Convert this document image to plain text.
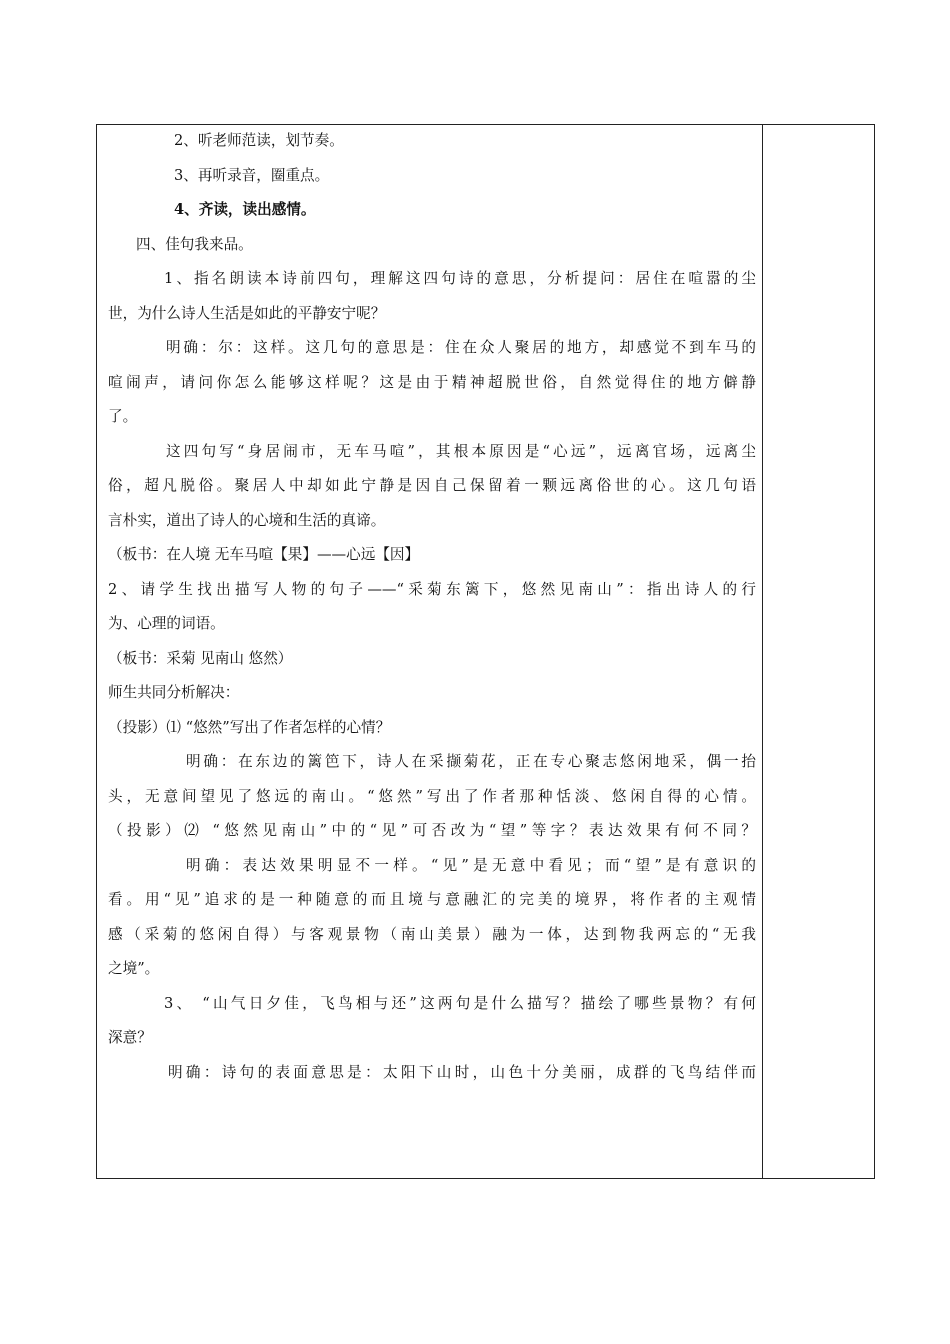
2、听老师范读，划节奏。
3、再听录音，圈重点。
4、齐读，读出感情。
四、佳句我来品。
1、指名朗读本诗前四句，理解这四句诗的意思，分析提问：居住在喧嚣的尘
世，为什么诗人生活是如此的平静安宁呢？
明确：尔：这样。这几句的意思是：住在众人聚居的地方，却感觉不到车马的
喧闹声，请问你怎么能够这样呢？这是由于精神超脱世俗，自然觉得住的地方僻静
了。
这四句写“身居闹市，无车马喧”，其根本原因是“心远”，远离官场，远离尘
俗，超凡脱俗。聚居人中却如此宁静是因自己保留着一颗远离俗世的心。这几句语
言朴实，道出了诗人的心境和生活的真谛。
（板书：在人境 无车马喧【果】——心远【因】
2、请学生找出描写人物的句子——“采菊东篱下，悠然见南山”：指出诗人的行
为、心理的词语。
（板书：采菊 见南山 悠然）
师生共同分析解决：
（投影）⑴ “悠然”写出了作者怎样的心情？
明确：在东边的篱笆下，诗人在采撷菊花，正在专心聚志悠闲地采，偶一抬
头，无意间望见了悠远的南山。“悠然”写出了作者那种恬淡、悠闲自得的心情。
（投影）⑵ “悠然见南山”中的“见”可否改为“望”等字？表达效果有何不同？
明确：表达效果明显不一样。“见”是无意中看见；而“望”是有意识的
看。用“见”追求的是一种随意的而且境与意融汇的完美的境界，将作者的主观情
感（采菊的悠闲自得）与客观景物（南山美景）融为一体，达到物我两忘的“无我
之境”。
3、 “山气日夕佳，飞鸟相与还”这两句是什么描写？描绘了哪些景物？有何
深意？
明确：诗句的表面意思是：太阳下山时，山色十分美丽，成群的飞鸟结伴而
